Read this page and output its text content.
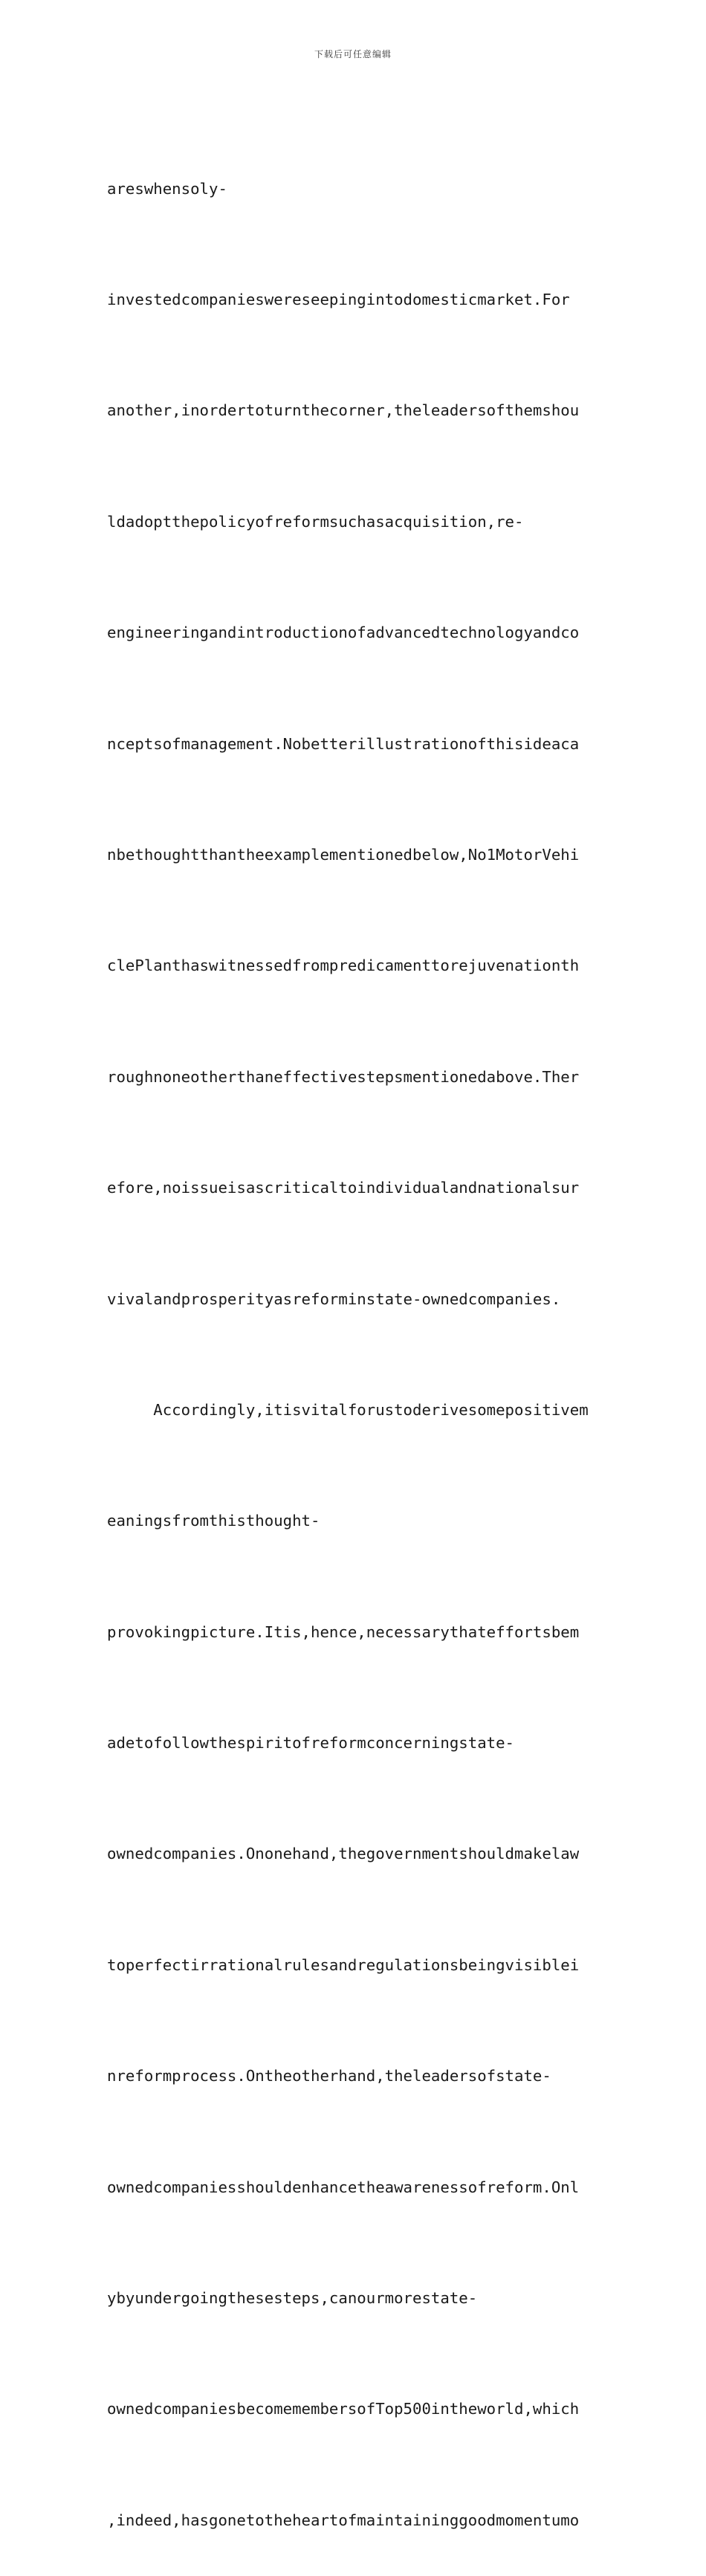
下载后可任意编辑

areswhensoly-

investedcompanieswereseepingintodomesticmarket.For

another,inordertoturnthecorner,theleadersofthemshou

ldadoptthepolicyofreformsuchasacquisition,re-

engineeringandintroductionofadvancedtechnologyandco

nceptsofmanagement.Nobetterillustrationofthisideaca

nbethoughtthantheexamplementionedbelow,No1MotorVehi

clePlanthaswitnessedfrompredicamenttorejuvenationth

roughnoneotherthaneffectivestepsmentionedabove.Ther

efore,noissueisascriticaltoindividualandnationalsur

vivalandprosperityasreforminstate-ownedcompanies.

Accordingly,itisvitalforustoderivesomepositivem

eaningsfromthisthought-

provokingpicture.Itis,hence,necessarythateffortsbem

adetofollowthespiritofreformconcerningstate-

ownedcompanies.Ononehand,thegovernmentshouldmakelaw

toperfectirrationalrulesandregulationsbeingvisiblei

nreformprocess.Ontheotherhand,theleadersofstate-

ownedcompaniesshouldenhancetheawarenessofreform.Onl

ybyundergoingthesesteps,canourmorestate-

ownedcompaniesbecomemembersofTop500intheworld,which

,indeed,hasgonetotheheartofmaintaininggoodmomentumo
